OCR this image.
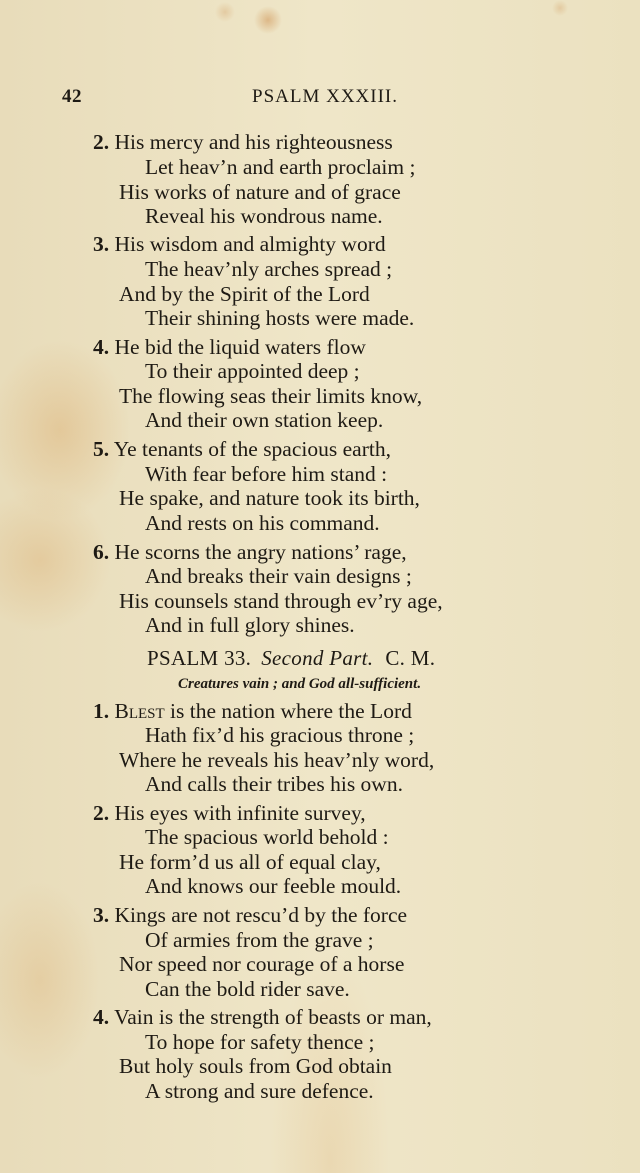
42	PSALM XXXIII.
2. His mercy and his righteousness
Let heav’n and earth proclaim ;
His works of nature and of grace
Reveal his wondrous name.
3. His wisdom and almighty word
The heav’nly arches spread ;
And by the Spirit of the Lord
Their shining hosts were made.
4. He bid the liquid waters flow
To their appointed deep ;
The flowing seas their limits know,
And their own station keep.
5. Ye tenants of the spacious earth,
With fear before him stand :
He spake, and nature took its birth,
And rests on his command.
6. He scorns the angry nations’ rage,
And breaks their vain designs ;
His counsels stand through ev’ry age,
And in full glory shines.
PSALM 33. Second Part. C. M.
Creatures vain ; and God all-sufficient.
1. Blest is the nation where the Lord
Hath fix’d his gracious throne ;
Where he reveals his heav’nly word,
And calls their tribes his own.
2. His eyes with infinite survey,
The spacious world behold :
He form’d us all of equal clay,
And knows our feeble mould.
3. Kings are not rescu’d by the force
Of armies from the grave ;
Nor speed nor courage of a horse
Can the bold rider save.
4. Vain is the strength of beasts or man,
To hope for safety thence ;
But holy souls from God obtain
A strong and sure defence.
